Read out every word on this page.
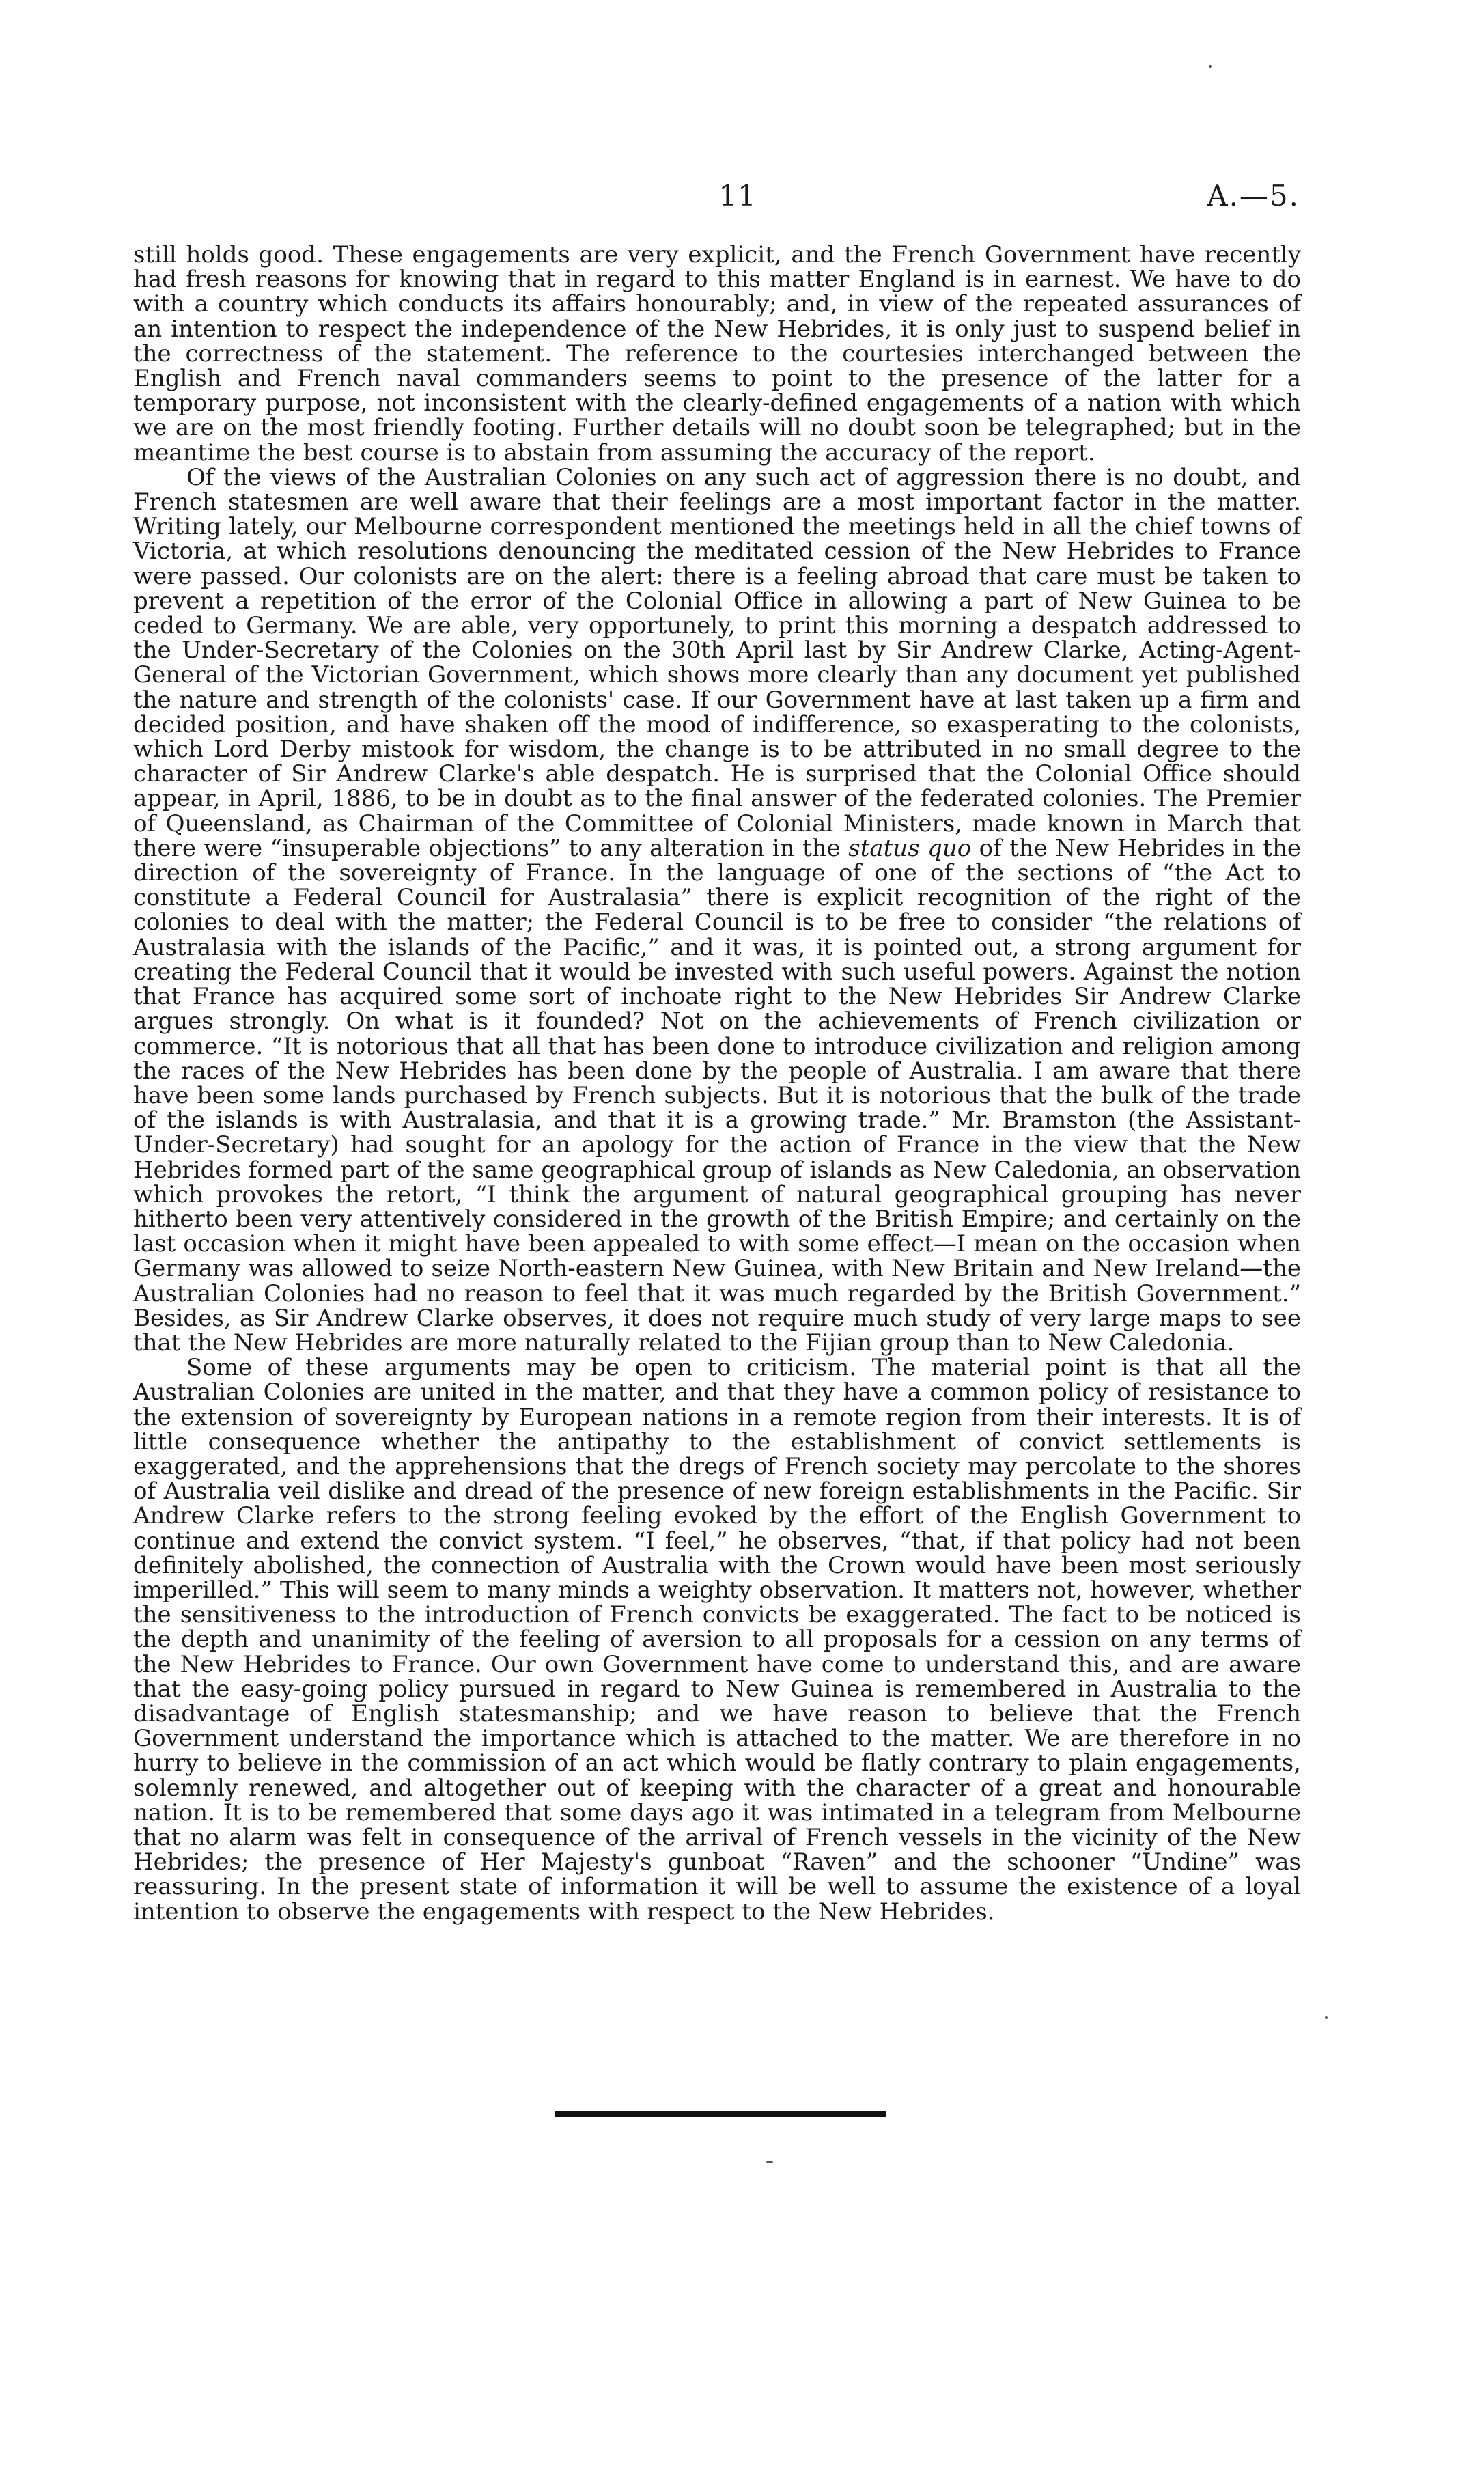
11	A.—5.

still holds good. These engagements are very explicit, and the French Government have recently had fresh reasons for knowing that in regard to this matter England is in earnest. We have to do with a country which conducts its affairs honourably; and, in view of the repeated assurances of an intention to respect the independence of the New Hebrides, it is only just to suspend belief in the correctness of the statement. The reference to the courtesies interchanged between the English and French naval commanders seems to point to the presence of the latter for a temporary purpose, not inconsistent with the clearly-defined engagements of a nation with which we are on the most friendly footing. Further details will no doubt soon be telegraphed; but in the meantime the best course is to abstain from assuming the accuracy of the report.

Of the views of the Australian Colonies on any such act of aggression there is no doubt, and French statesmen are well aware that their feelings are a most important factor in the matter. Writing lately, our Melbourne correspondent mentioned the meetings held in all the chief towns of Victoria, at which resolutions denouncing the meditated cession of the New Hebrides to France were passed. Our colonists are on the alert: there is a feeling abroad that care must be taken to prevent a repetition of the error of the Colonial Office in allowing a part of New Guinea to be ceded to Germany. We are able, very opportunely, to print this morning a despatch addressed to the Under-Secretary of the Colonies on the 30th April last by Sir Andrew Clarke, Acting-Agent-General of the Victorian Government, which shows more clearly than any document yet published the nature and strength of the colonists' case. If our Government have at last taken up a firm and decided position, and have shaken off the mood of indifference, so exasperating to the colonists, which Lord Derby mistook for wisdom, the change is to be attributed in no small degree to the character of Sir Andrew Clarke's able despatch. He is surprised that the Colonial Office should appear, in April, 1886, to be in doubt as to the final answer of the federated colonies. The Premier of Queensland, as Chairman of the Committee of Colonial Ministers, made known in March that there were “insuperable objections” to any alteration in the status quo of the New Hebrides in the direction of the sovereignty of France. In the language of one of the sections of “the Act to constitute a Federal Council for Australasia” there is explicit recognition of the right of the colonies to deal with the matter; the Federal Council is to be free to consider “the relations of Australasia with the islands of the Pacific,” and it was, it is pointed out, a strong argument for creating the Federal Council that it would be invested with such useful powers. Against the notion that France has acquired some sort of inchoate right to the New Hebrides Sir Andrew Clarke argues strongly. On what is it founded? Not on the achievements of French civilization or commerce. “It is notorious that all that has been done to introduce civilization and religion among the races of the New Hebrides has been done by the people of Australia. I am aware that there have been some lands purchased by French subjects. But it is notorious that the bulk of the trade of the islands is with Australasia, and that it is a growing trade.” Mr. Bramston (the Assistant-Under-Secretary) had sought for an apology for the action of France in the view that the New Hebrides formed part of the same geographical group of islands as New Caledonia, an observation which provokes the retort, “I think the argument of natural geographical grouping has never hitherto been very attentively considered in the growth of the British Empire; and certainly on the last occasion when it might have been appealed to with some effect—I mean on the occasion when Germany was allowed to seize North-eastern New Guinea, with New Britain and New Ireland—the Australian Colonies had no reason to feel that it was much regarded by the British Government.” Besides, as Sir Andrew Clarke observes, it does not require much study of very large maps to see that the New Hebrides are more naturally related to the Fijian group than to New Caledonia.

Some of these arguments may be open to criticism. The material point is that all the Australian Colonies are united in the matter, and that they have a common policy of resistance to the extension of sovereignty by European nations in a remote region from their interests. It is of little consequence whether the antipathy to the establishment of convict settlements is exaggerated, and the apprehensions that the dregs of French society may percolate to the shores of Australia veil dislike and dread of the presence of new foreign establishments in the Pacific. Sir Andrew Clarke refers to the strong feeling evoked by the effort of the English Government to continue and extend the convict system. “I feel,” he observes, “that, if that policy had not been definitely abolished, the connection of Australia with the Crown would have been most seriously imperilled.” This will seem to many minds a weighty observation. It matters not, however, whether the sensitiveness to the introduction of French convicts be exaggerated. The fact to be noticed is the depth and unanimity of the feeling of aversion to all proposals for a cession on any terms of the New Hebrides to France. Our own Government have come to understand this, and are aware that the easy-going policy pursued in regard to New Guinea is remembered in Australia to the disadvantage of English statesmanship; and we have reason to believe that the French Government understand the importance which is attached to the matter. We are therefore in no hurry to believe in the commission of an act which would be flatly contrary to plain engagements, solemnly renewed, and altogether out of keeping with the character of a great and honourable nation. It is to be remembered that some days ago it was intimated in a telegram from Melbourne that no alarm was felt in consequence of the arrival of French vessels in the vicinity of the New Hebrides; the presence of Her Majesty's gunboat “Raven” and the schooner “Undine” was reassuring. In the present state of information it will be well to assume the existence of a loyal intention to observe the engagements with respect to the New Hebrides.
